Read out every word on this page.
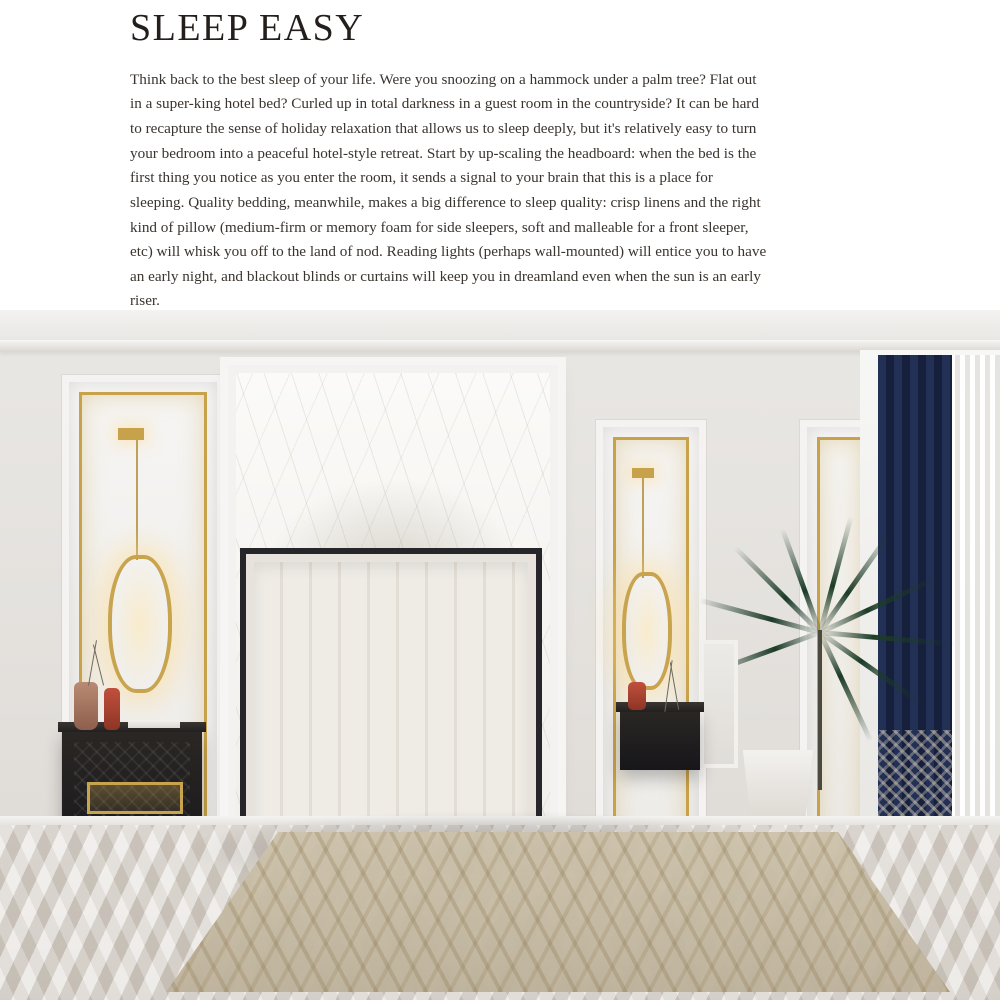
SLEEP EASY

Think back to the best sleep of your life. Were you snoozing on a hammock under a palm tree? Flat out in a super-king hotel bed? Curled up in total darkness in a guest room in the countryside? It can be hard to recapture the sense of holiday relaxation that allows us to sleep deeply, but it's relatively easy to turn your bedroom into a peaceful hotel-style retreat. Start by up-scaling the headboard: when the bed is the first thing you notice as you enter the room, it sends a signal to your brain that this is a place for sleeping. Quality bedding, meanwhile, makes a big difference to sleep quality: crisp linens and the right kind of pillow (medium-firm or memory foam for side sleepers, soft and malleable for a front sleeper, etc) will whisk you off to the land of nod. Reading lights (perhaps wall-mounted) will entice you to have an early night, and blackout blinds or curtains will keep you in dreamland even when the sun is an early riser.
